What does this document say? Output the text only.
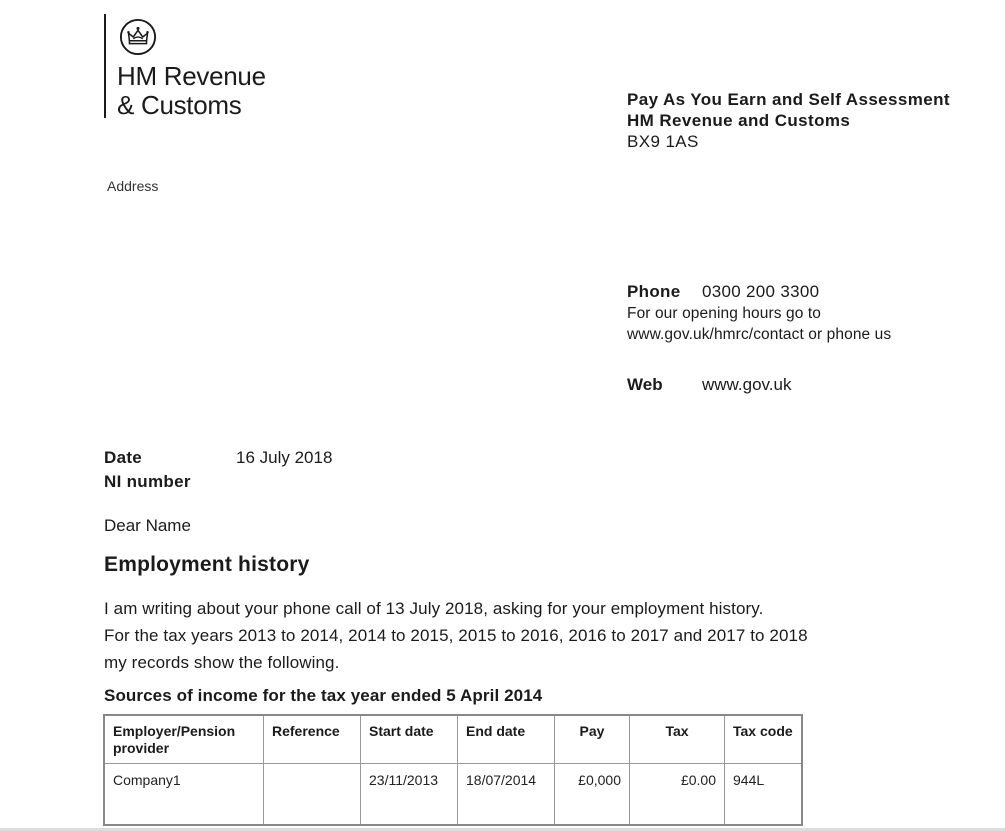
HM Revenue
& Customs	Pay As You Earn and Self Assessment
HM Revenue and Customs
BX9 1AS
Address
Phone 0300 200 3300
For our opening hours go to
www.gov.uk/hmrc/contact or phone us
Web www.gov.uk
Date	16 July 2018
NI number
Dear Name
Employment history
I am writing about your phone call of 13 July 2018, asking for your employment history.
For the tax years 2013 to 2014, 2014 to 2015, 2015 to 2016, 2016 to 2017 and 2017 to 2018
my records show the following.
Sources of income for the tax year ended 5 April 2014
Employer/Pension provider	Reference	Start date	End date	Pay	Tax	Tax code
Company1		23/11/2013	18/07/2014	£0,000	£0.00	944L
